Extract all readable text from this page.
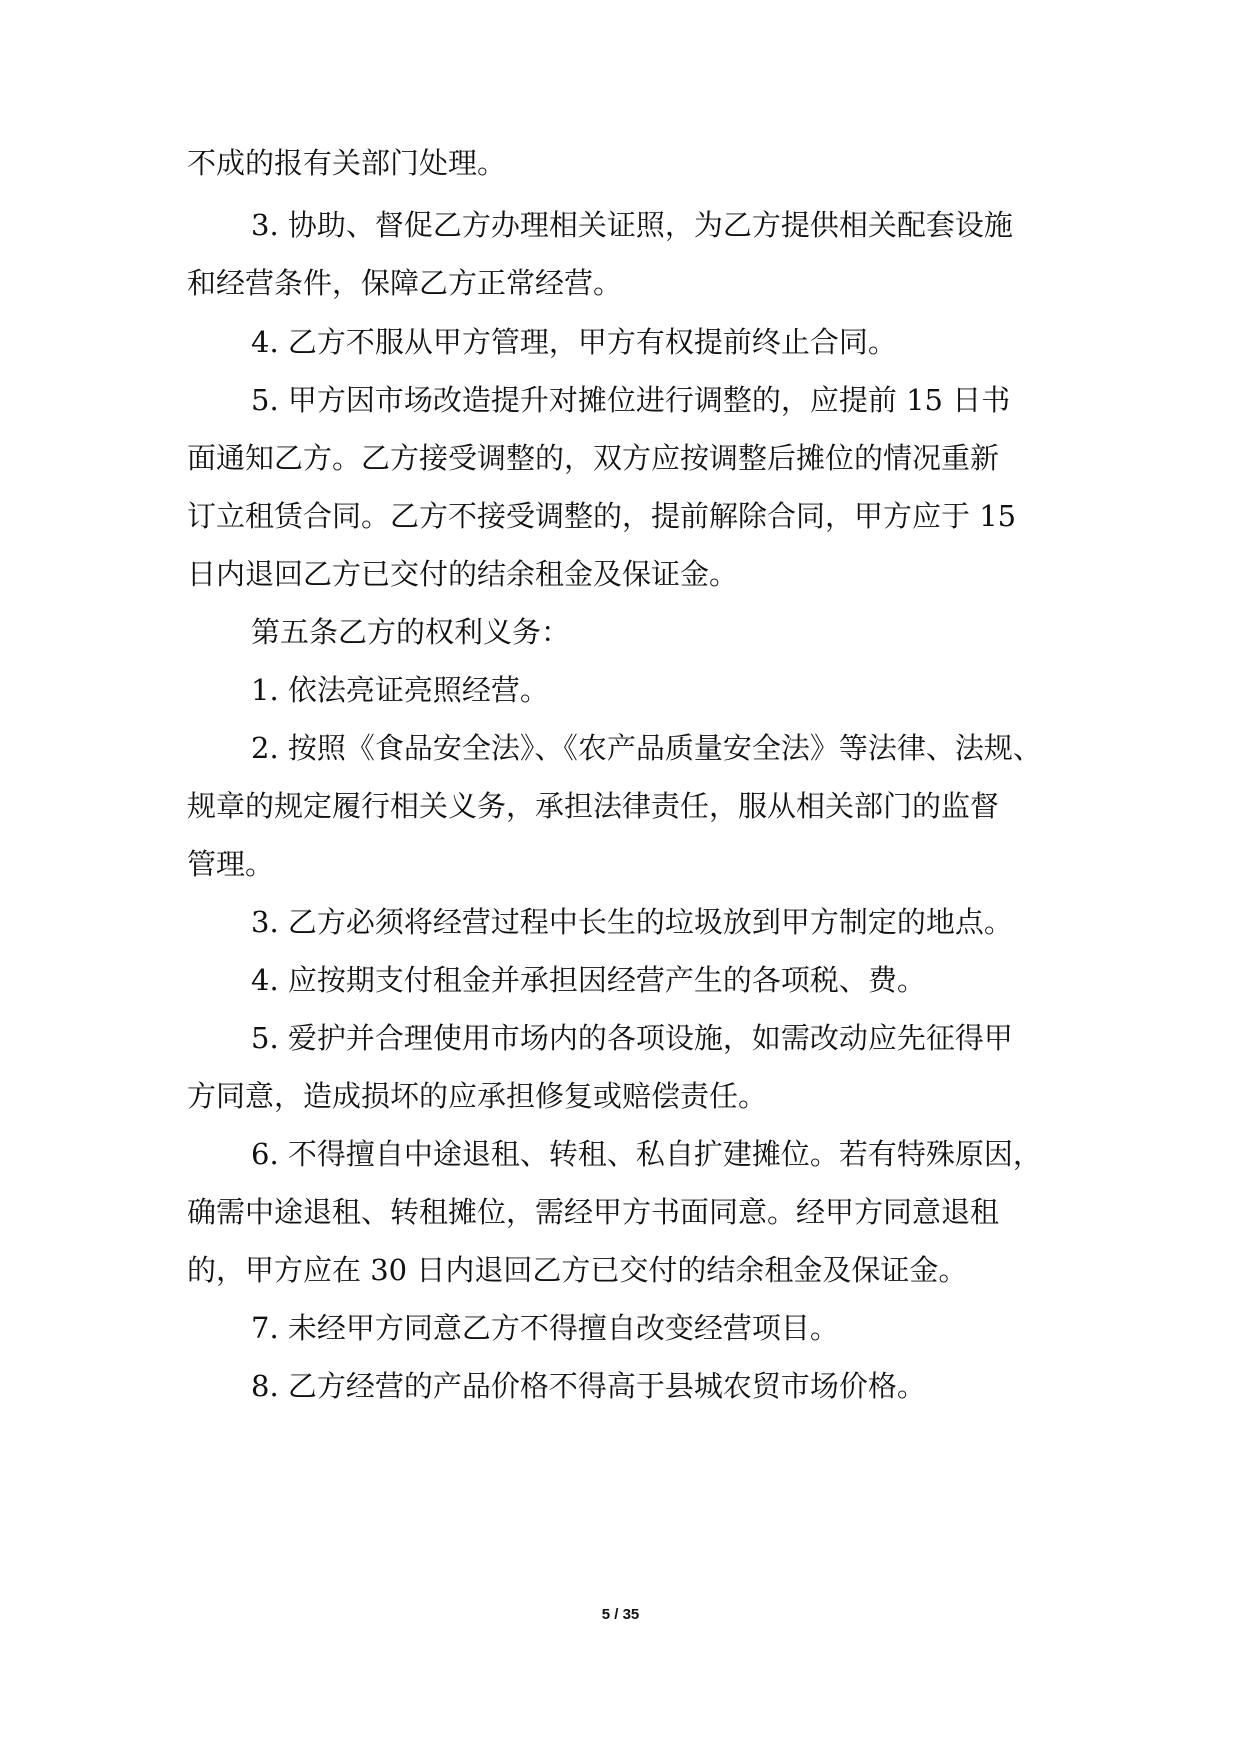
不成的报有关部门处理。
3. 协助、督促乙方办理相关证照，为乙方提供相关配套设施
和经营条件，保障乙方正常经营。
4. 乙方不服从甲方管理，甲方有权提前终止合同。
5. 甲方因市场改造提升对摊位进行调整的，应提前 15 日书
面通知乙方。乙方接受调整的，双方应按调整后摊位的情况重新
订立租赁合同。乙方不接受调整的，提前解除合同，甲方应于 15
日内退回乙方已交付的结余租金及保证金。
第五条乙方的权利义务：
1. 依法亮证亮照经营。
2. 按照《食品安全法》、《农产品质量安全法》等法律、法规、
规章的规定履行相关义务，承担法律责任，服从相关部门的监督
管理。
3. 乙方必须将经营过程中长生的垃圾放到甲方制定的地点。
4. 应按期支付租金并承担因经营产生的各项税、费。
5. 爱护并合理使用市场内的各项设施，如需改动应先征得甲
方同意，造成损坏的应承担修复或赔偿责任。
6. 不得擅自中途退租、转租、私自扩建摊位。若有特殊原因，
确需中途退租、转租摊位，需经甲方书面同意。经甲方同意退租
的，甲方应在 30 日内退回乙方已交付的结余租金及保证金。
7. 未经甲方同意乙方不得擅自改变经营项目。
8. 乙方经营的产品价格不得高于县城农贸市场价格。
5 / 35
